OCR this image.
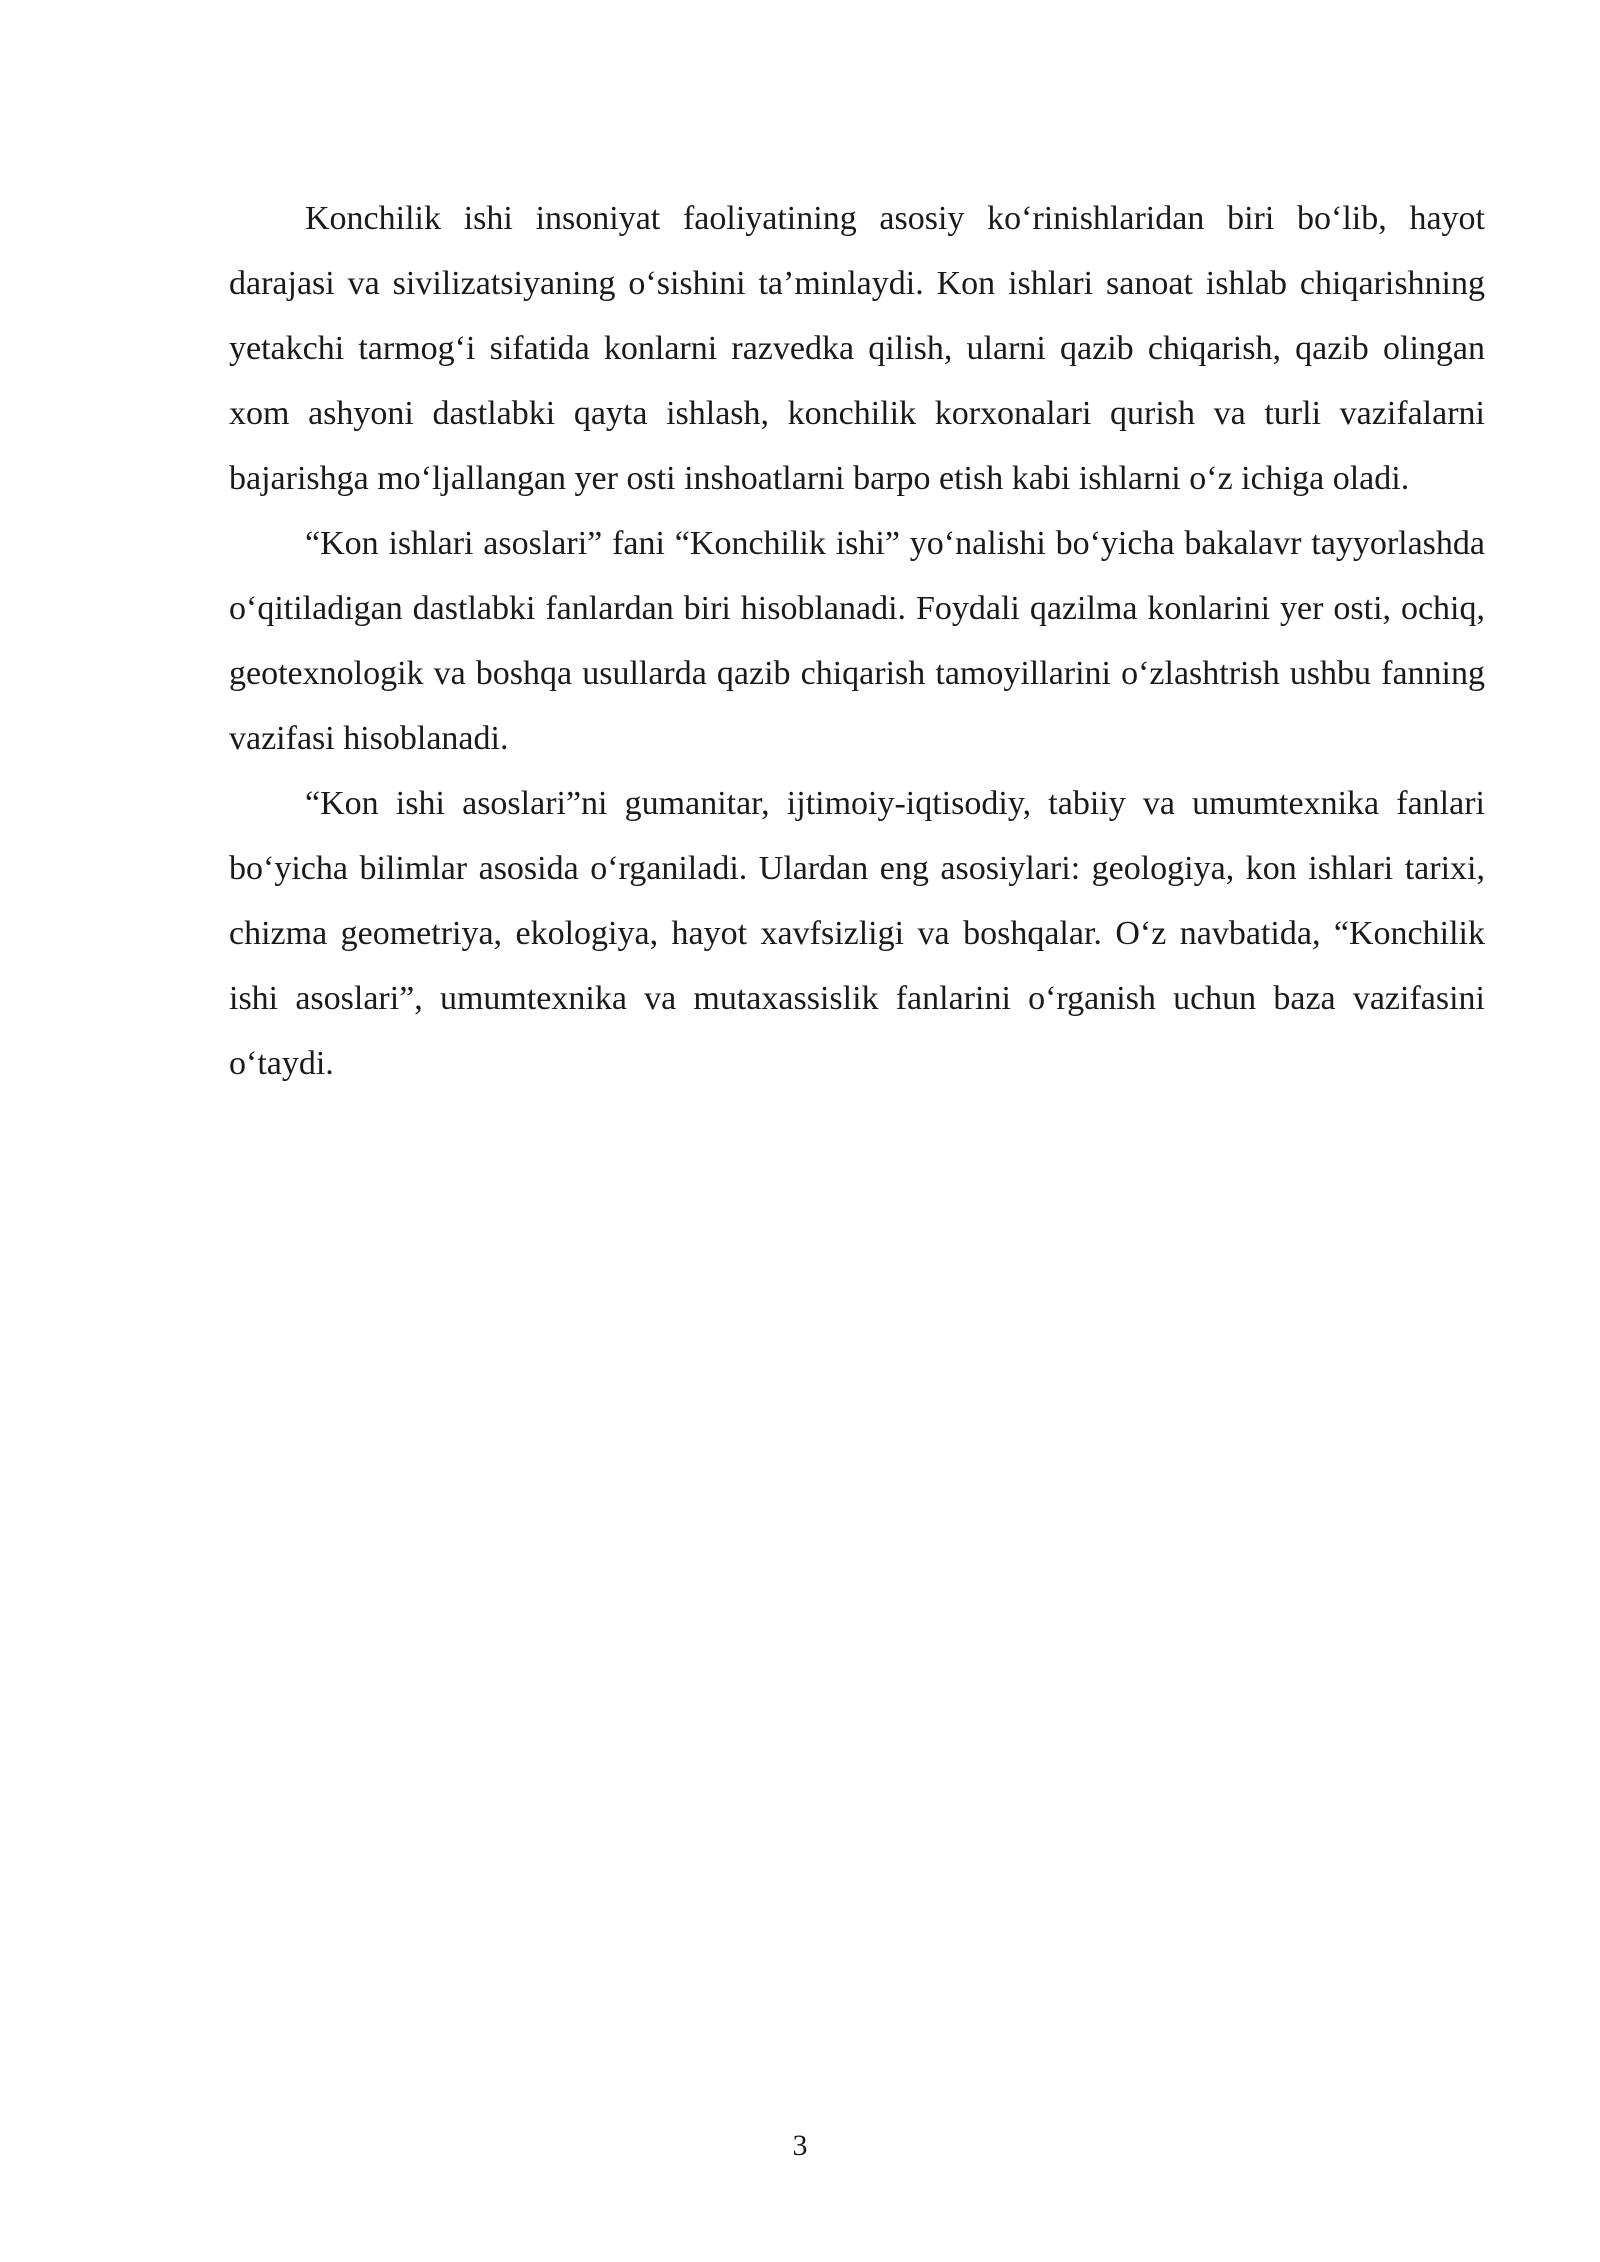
Konchilik ishi insoniyat faoliyatining asosiy ko‘rinishlaridan biri bo‘lib, hayot darajasi va sivilizatsiyaning o‘sishini ta’minlaydi. Kon ishlari sanoat ishlab chiqarishning yetakchi tarmog‘i sifatida konlarni razvedka qilish, ularni qazib chiqarish, qazib olingan xom ashyoni dastlabki qayta ishlash, konchilik korxonalari qurish va turli vazifalarni bajarishga mo‘ljallangan yer osti inshoatlarni barpo etish kabi ishlarni o‘z ichiga oladi.

“Kon ishlari asoslari” fani “Konchilik ishi” yo‘nalishi bo‘yicha bakalavr tayyorlashda o‘qitiladigan dastlabki fanlardan biri hisoblanadi. Foydali qazilma konlarini yer osti, ochiq, geotexnologik va boshqa usullarda qazib chiqarish tamoyillarini o‘zlashtrish ushbu fanning vazifasi hisoblanadi.

“Kon ishi asoslari”ni gumanitar, ijtimoiy-iqtisodiy, tabiiy va umumtexnika fanlari bo‘yicha bilimlar asosida o‘rganiladi. Ulardan eng asosiylari: geologiya, kon ishlari tarixi, chizma geometriya, ekologiya, hayot xavfsizligi va boshqalar. O‘z navbatida, “Konchilik ishi asoslari”, umumtexnika va mutaxassislik fanlarini o‘rganish uchun baza vazifasini o‘taydi.

3
